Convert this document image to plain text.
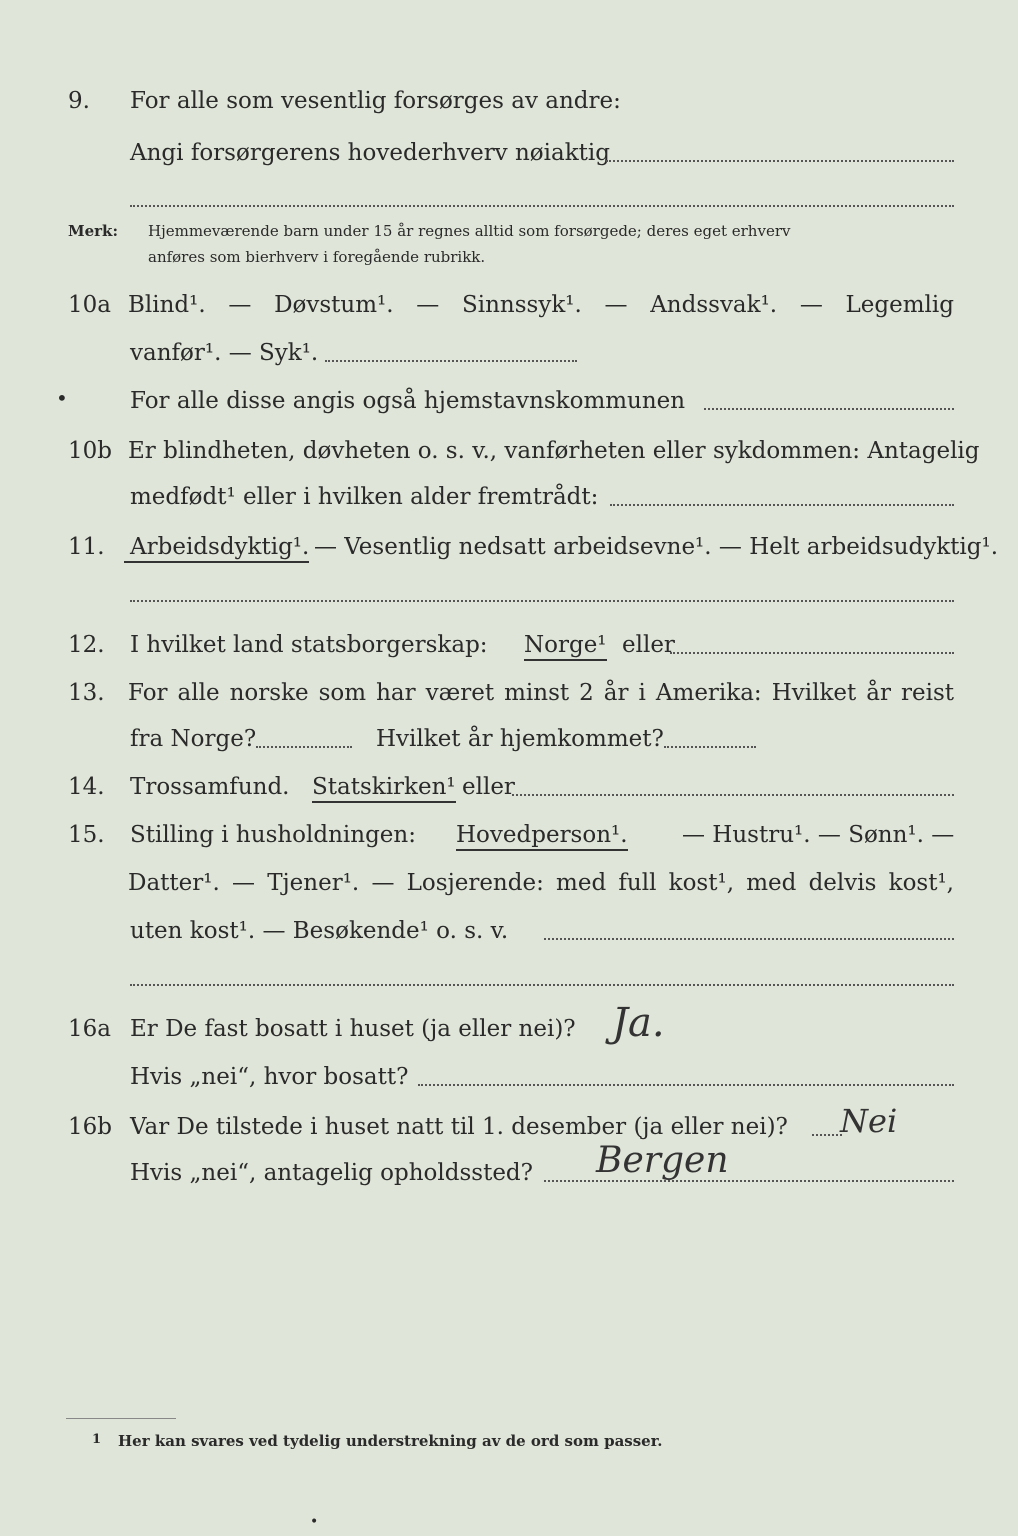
9.	For alle som vesentlig forsørges av andre:
Angi forsørgerens hovederhverv nøiaktig
Merk: Hjemmeværende barn under 15 år regnes alltid som forsørgede; deres eget erhverv
anføres som bierhverv i foregående rubrikk.
10a Blind¹. — Døvstum¹. — Sinnssyk¹. — Andssvak¹. — Legemlig
vanfør¹. — Syk¹.
•	For alle disse angis også hjemstavnskommunen
10b Er blindheten, døvheten o. s. v., vanførheten eller sykdommen: Antagelig
medfødt¹ eller i hvilken alder fremtrådt:
11.	Arbeidsdyktig¹. — Vesentlig nedsatt arbeidsevne¹. — Helt arbeidsudyktig¹.
12.	I hvilket land statsborgerskap: Norge¹ eller
13.	For alle norske som har været minst 2 år i Amerika: Hvilket år reist
fra Norge?	Hvilket år hjemkommet?
14.	Trossamfund. Statskirken¹ eller
15.	Stilling i husholdningen: Hovedperson¹. — Hustru¹. — Sønn¹. —
Datter¹. — Tjener¹. — Losjerende: med full kost¹, med delvis kost¹,
uten kost¹. — Besøkende¹ o. s. v.
16a Er De fast bosatt i huset (ja eller nei)? Ja.
Hvis „nei“, hvor bosatt?
16b Var De tilstede i huset natt til 1. desember (ja eller nei)? Nei
Hvis „nei“, antagelig opholdssted? Bergen
1 Her kan svares ved tydelig understrekning av de ord som passer.
•
